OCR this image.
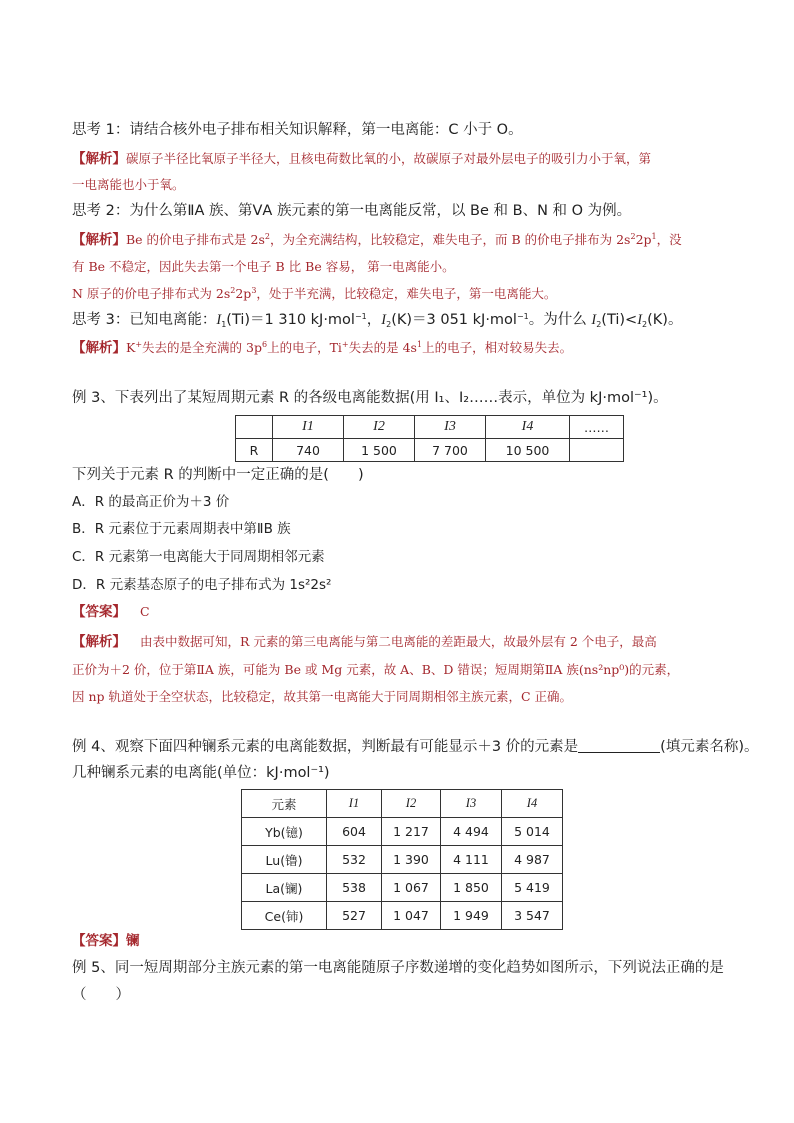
思考 1：请结合核外电子排布相关知识解释，第一电离能：C 小于 O。
【解析】碳原子半径比氧原子半径大，且核电荷数比氧的小，故碳原子对最外层电子的吸引力小于氧，第
一电离能也小于氧。
思考 2：为什么第ⅡA 族、第ⅤA 族元素的第一电离能反常，以 Be 和 B、N 和 O 为例。
【解析】Be 的价电子排布式是 $2s^2$，为全充满结构，比较稳定，难失电子，而 B 的价电子排布为 $2s^22p^1$，没
有 Be 不稳定，因此失去第一个电子 B 比 Be 容易， 第一电离能小。
N 原子的价电子排布式为 $2s^22p^3$，处于半充满，比较稳定，难失电子，第一电离能大。
思考 3：已知电离能：$I_1(Ti)=1$ 310 kJ·mol$^{-1}$，$I_2(K)=3$ 051 kJ·mol$^{-1}$。为什么 $I_2(Ti)<I_2(K)$。
【解析】K+失去的是全充满的 $3p^6$上的电子，Ti+失去的是 $4s^1$上的电子，相对较易失去。
例 3、下表列出了某短周期元素 R 的各级电离能数据(用 I₁、I₂……表示，单位为 kJ·mol⁻¹)。
	I1	I2	I3	I4	……
R	740	1 500	7 700	10 500	
下列关于元素 R 的判断中一定正确的是(　　)
A．R 的最高正价为＋3 价
B．R 元素位于元素周期表中第ⅡB 族
C．R 元素第一电离能大于同周期相邻元素
D．R 元素基态原子的电子排布式为 1s²2s²
【答案】 C
【解析】 由表中数据可知，R 元素的第三电离能与第二电离能的差距最大，故最外层有 2 个电子，最高
正价为＋2 价，位于第ⅡA 族，可能为 Be 或 Mg 元素，故 A、B、D 错误；短周期第ⅡA 族(ns²np⁰)的元素，
因 np 轨道处于全空状态，比较稳定，故其第一电离能大于同周期相邻主族元素，C 正确。
例 4、观察下面四种镧系元素的电离能数据，判断最有可能显示＋3 价的元素是	(填元素名称)。
几种镧系元素的电离能(单位：kJ·mol⁻¹)
元素	I1	I2	I3	I4
Yb(镱)	604	1 217	4 494	5 014
Lu(镥)	532	1 390	4 111	4 987
La(镧)	538	1 067	1 850	5 419
Ce(铈)	527	1 047	1 949	3 547
【答案】镧
例 5、同一短周期部分主族元素的第一电离能随原子序数递增的变化趋势如图所示，下列说法正确的是
（　　）
